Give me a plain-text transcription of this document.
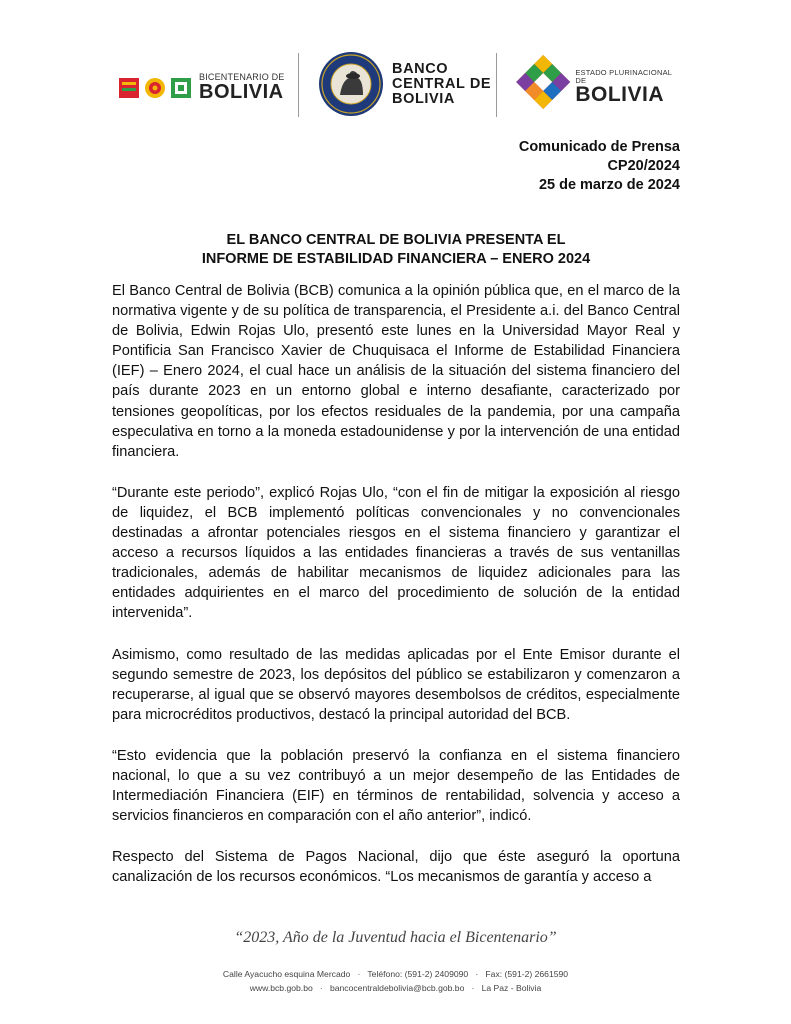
BICENTENARIO DE
BOLIVIA
BANCO
CENTRAL DE
BOLIVIA
ESTADO PLURINACIONAL DE
BOLIVIA
Comunicado de Prensa
CP20/2024
25 de marzo de 2024
EL BANCO CENTRAL DE BOLIVIA PRESENTA EL
INFORME DE ESTABILIDAD FINANCIERA – ENERO 2024

El Banco Central de Bolivia (BCB) comunica a la opinión pública que, en el marco de la normativa vigente y de su política de transparencia, el Presidente a.i. del Banco Central de Bolivia, Edwin Rojas Ulo, presentó este lunes en la Universidad Mayor Real y Pontificia San Francisco Xavier de Chuquisaca el Informe de Estabilidad Financiera (IEF) – Enero 2024, el cual hace un análisis de la situación del sistema financiero del país durante 2023 en un entorno global e interno desafiante, caracterizado por tensiones geopolíticas, por los efectos residuales de la pandemia, por una campaña especulativa en torno a la moneda estadounidense y por la intervención de una entidad financiera.

“Durante este periodo”, explicó Rojas Ulo, “con el fin de mitigar la exposición al riesgo de liquidez, el BCB implementó políticas convencionales y no convencionales destinadas a afrontar potenciales riesgos en el sistema financiero y garantizar el acceso a recursos líquidos a las entidades financieras a través de sus ventanillas tradicionales, además de habilitar mecanismos de liquidez adicionales para las entidades adquirientes en el marco del procedimiento de solución de la entidad intervenida”.

Asimismo, como resultado de las medidas aplicadas por el Ente Emisor durante el segundo semestre de 2023, los depósitos del público se estabilizaron y comenzaron a recuperarse, al igual que se observó mayores desembolsos de créditos, especialmente para microcréditos productivos, destacó la principal autoridad del BCB.

“Esto evidencia que la población preservó la confianza en el sistema financiero nacional, lo que a su vez contribuyó a un mejor desempeño de las Entidades de Intermediación Financiera (EIF) en términos de rentabilidad, solvencia y acceso a servicios financieros en comparación con el año anterior”, indicó.

Respecto del Sistema de Pagos Nacional, dijo que éste aseguró la oportuna canalización de los recursos económicos. “Los mecanismos de garantía y acceso a

“2023, Año de la Juventud hacia el Bicentenario”
Calle Ayacucho esquina Mercado · Teléfono: (591-2) 2409090 · Fax: (591-2) 2661590
www.bcb.gob.bo · bancocentraldebolivia@bcb.gob.bo · La Paz - Bolivia
